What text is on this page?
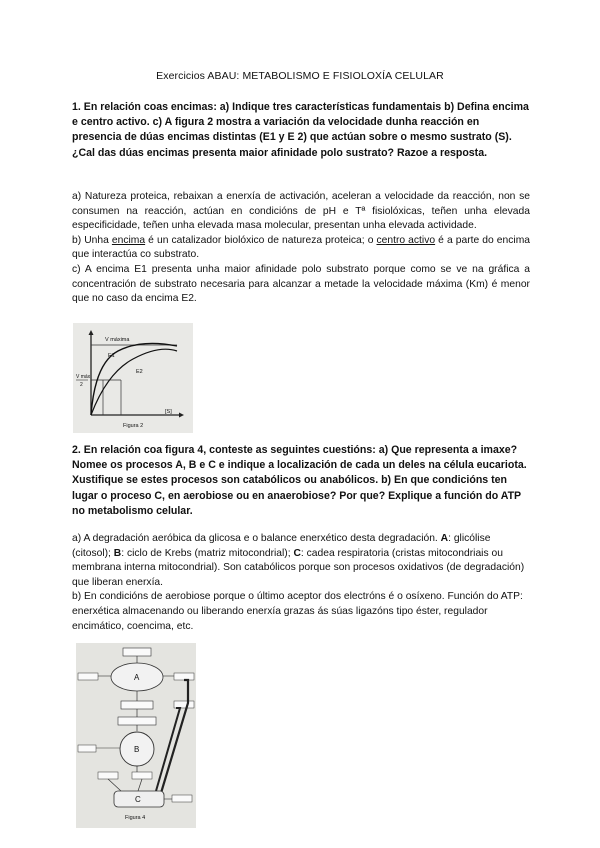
Exercicios ABAU: METABOLISMO E FISIOLOXÍA CELULAR
1. En relación coas encimas: a) Indique tres características fundamentais b) Defina encima e centro activo. c) A figura 2 mostra a variación da velocidade dunha reacción en presencia de dúas encimas distintas (E1 y E 2) que actúan sobre o mesmo sustrato (S). ¿Cal das dúas encimas presenta maior afinidade polo sustrato? Razoe a resposta.

a) Natureza proteica, rebaixan a enerxía de activación, aceleran a velocidade da reacción, non se consumen na reacción, actúan en condicións de pH e Tª fisiolóxicas, teñen unha elevada especificidade, teñen unha elevada masa molecular, presentan unha elevada actividade.

b) Unha encima é un catalizador biolóxico de natureza proteica; o centro activo é a parte do encima que interactúa co substrato.

c) A encima E1 presenta unha maior afinidade polo substrato porque como se ve na gráfica a concentración de substrato necesaria para alcanzar a metade la velocidade máxima (Km) é menor que no caso da encima E2.

V máxima
E1
E2
V máx
2
[S]
Figura 2
2. En relación coa figura 4, conteste as seguintes cuestións: a) Que representa a imaxe? Nomee os procesos A, B e C e indique a localización de cada un deles na célula eucariota. Xustifique se estes procesos son catabólicos ou anabólicos. b) En que condicións ten lugar o proceso C, en aerobiose ou en anaerobiose? Por que? Explique a función do ATP no metabolismo celular.

a) A degradación aeróbica da glicosa e o balance enerxético desta degradación. A: glicólise (citosol); B: ciclo de Krebs (matriz mitocondrial); C: cadea respiratoria (cristas mitocondriais ou membrana interna mitocondrial). Son catabólicos porque son procesos oxidativos (de degradación) que liberan enerxía.

b) En condicións de aerobiose porque o último aceptor dos electróns é o osíxeno. Función do ATP: enerxética almacenando ou liberando enerxía grazas ás súas ligazóns tipo éster, regulador encimático, coencima, etc.

A
B
C
Figura 4
